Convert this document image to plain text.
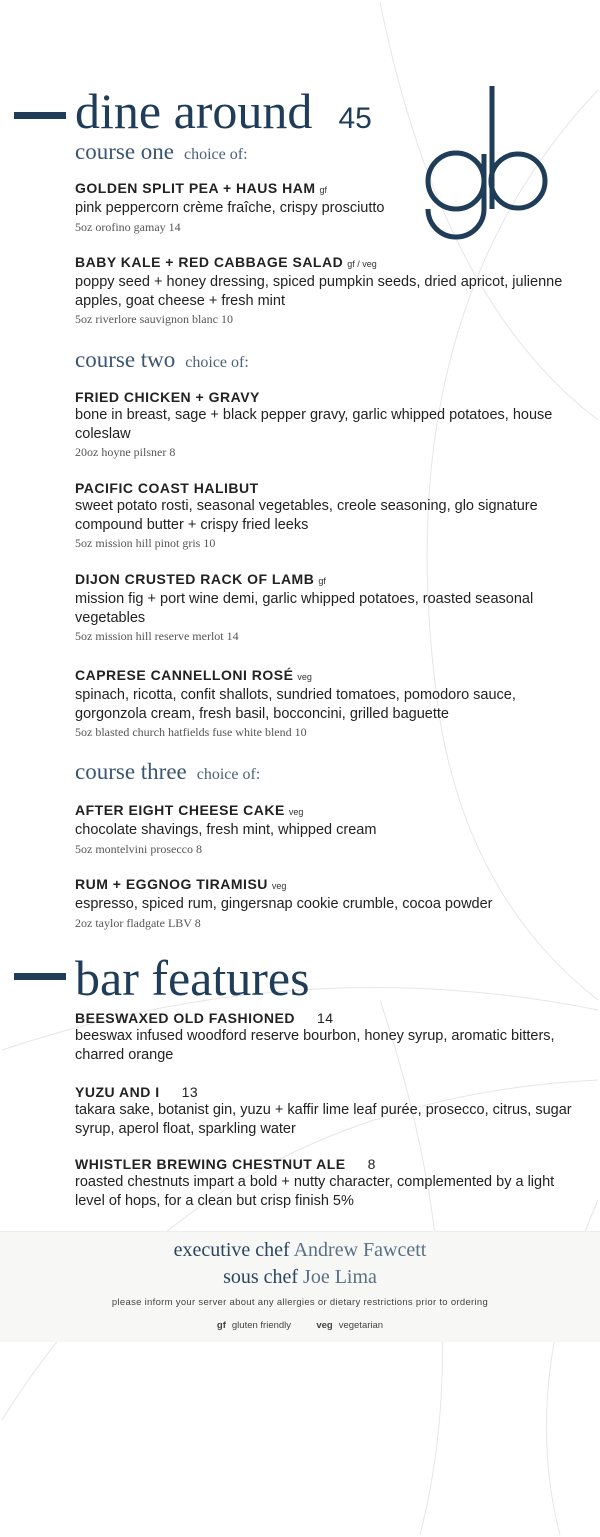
dine around 45
course one choice of:
GOLDEN SPLIT PEA + HAUS HAM gf
pink peppercorn crème fraîche, crispy prosciutto
5oz orofino gamay 14
BABY KALE + RED CABBAGE SALAD gf / veg
poppy seed + honey dressing, spiced pumpkin seeds, dried apricot, julienne apples, goat cheese + fresh mint
5oz riverlore sauvignon blanc 10
course two choice of:
FRIED CHICKEN + GRAVY
bone in breast, sage + black pepper gravy, garlic whipped potatoes, house coleslaw
20oz hoyne pilsner 8
PACIFIC COAST HALIBUT
sweet potato rosti, seasonal vegetables, creole seasoning, glo signature compound butter + crispy fried leeks
5oz mission hill pinot gris 10
DIJON CRUSTED RACK OF LAMB gf
mission fig + port wine demi, garlic whipped potatoes, roasted seasonal vegetables
5oz mission hill reserve merlot 14
CAPRESE CANNELLONI ROSÉ veg
spinach, ricotta, confit shallots, sundried tomatoes, pomodoro sauce, gorgonzola cream, fresh basil, bocconcini, grilled baguette
5oz blasted church hatfields fuse white blend 10
course three choice of:
AFTER EIGHT CHEESE CAKE veg
chocolate shavings, fresh mint, whipped cream
5oz montelvini prosecco 8
RUM + EGGNOG TIRAMISU veg
espresso, spiced rum, gingersnap cookie crumble, cocoa powder
2oz taylor fladgate LBV 8
bar features
BEESWAXED OLD FASHIONED 14
beeswax infused woodford reserve bourbon, honey syrup, aromatic bitters, charred orange
YUZU AND I 13
takara sake, botanist gin, yuzu + kaffir lime leaf purée, prosecco, citrus, sugar syrup, aperol float, sparkling water
WHISTLER BREWING CHESTNUT ALE 8
roasted chestnuts impart a bold + nutty character, complemented by a light level of hops, for a clean but crisp finish 5%
executive chef Andrew Fawcett
sous chef Joe Lima
please inform your server about any allergies or dietary restrictions prior to ordering
gf gluten friendly	veg vegetarian
